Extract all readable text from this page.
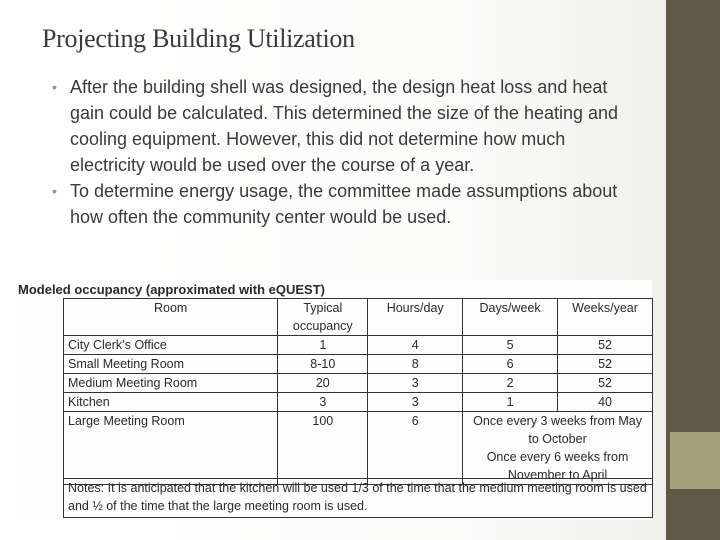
Projecting Building Utilization
• After the building shell was designed, the design heat loss and heat gain could be calculated. This determined the size of the heating and cooling equipment. However, this did not determine how much electricity would be used over the course of a year.
• To determine energy usage, the committee made assumptions about how often the community center would be used.
Modeled occupancy (approximated with eQUEST)
Room	Typical occupancy	Hours/day	Days/week	Weeks/year
City Clerk’s Office	1	4	5	52
Small Meeting Room	8-10	8	6	52
Medium Meeting Room	20	3	2	52
Kitchen	3	3	1	40
Large Meeting Room	100	6	Once every 3 weeks from May to October
Once every 6 weeks from November to April	
Notes: It is anticipated that the kitchen will be used 1/3 of the time that the medium meeting room is used and ½ of the time that the large meeting room is used.
